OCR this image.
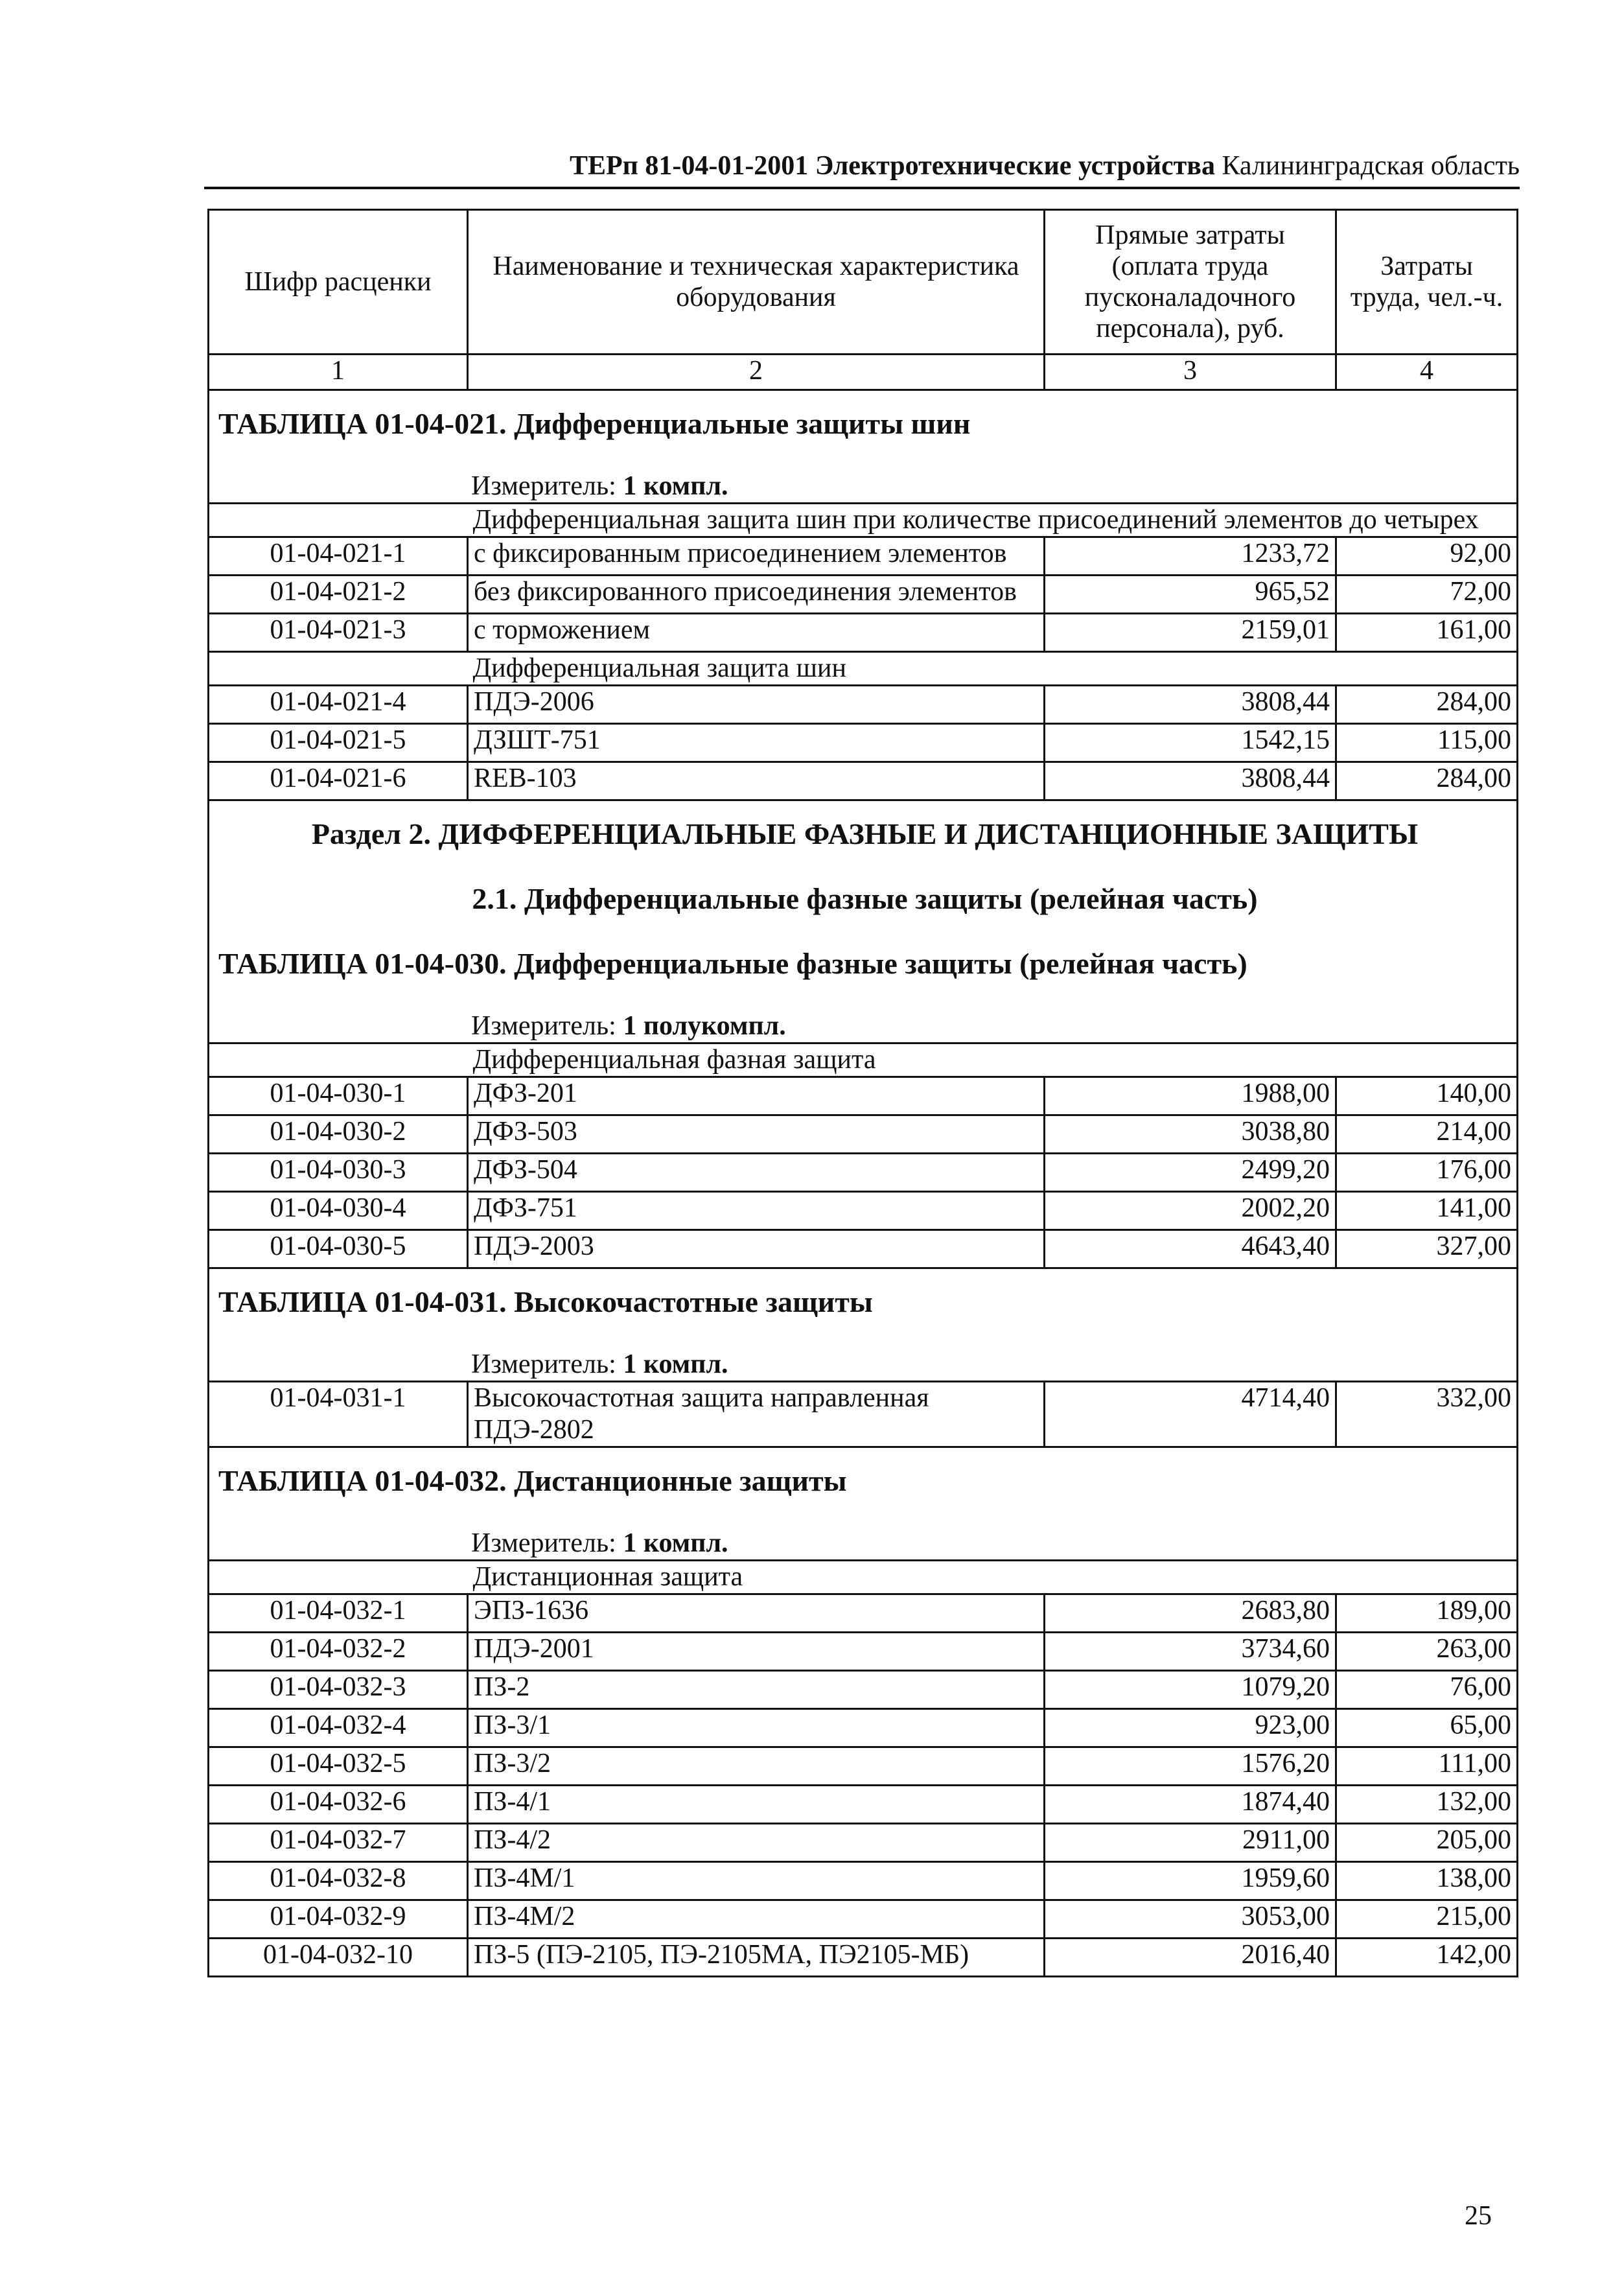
ТЕРп 81-04-01-2001 Электротехнические устройства Калининградская область
Шифр расценки	Наименование и техническая характеристика оборудования	Прямые затраты (оплата труда пусконаладочного персонала), руб.	Затраты труда, чел.-ч.
1	2	3	4
ТАБЛИЦА 01-04-021. Дифференциальные защиты шин			
Измеритель: 1 компл.			
	Дифференциальная защита шин при количестве присоединений элементов до четырех		
01-04-021-1	с фиксированным присоединением элементов	1233,72	92,00
01-04-021-2	без фиксированного присоединения элементов	965,52	72,00
01-04-021-3	с торможением	2159,01	161,00
	Дифференциальная защита шин		
01-04-021-4	ПДЭ-2006	3808,44	284,00
01-04-021-5	ДЗШТ-751	1542,15	115,00
01-04-021-6	REB-103	3808,44	284,00
Раздел 2. ДИФФЕРЕНЦИАЛЬНЫЕ ФАЗНЫЕ И ДИСТАНЦИОННЫЕ ЗАЩИТЫ			
2.1. Дифференциальные фазные защиты (релейная часть)			
ТАБЛИЦА 01-04-030. Дифференциальные фазные защиты (релейная часть)			
Измеритель: 1 полукомпл.			
	Дифференциальная фазная защита		
01-04-030-1	ДФЗ-201	1988,00	140,00
01-04-030-2	ДФЗ-503	3038,80	214,00
01-04-030-3	ДФЗ-504	2499,20	176,00
01-04-030-4	ДФЗ-751	2002,20	141,00
01-04-030-5	ПДЭ-2003	4643,40	327,00
ТАБЛИЦА 01-04-031. Высокочастотные защиты			
Измеритель: 1 компл.			
01-04-031-1	Высокочастотная защита направленная ПДЭ-2802	4714,40	332,00
ТАБЛИЦА 01-04-032. Дистанционные защиты			
Измеритель: 1 компл.			
	Дистанционная защита		
01-04-032-1	ЭПЗ-1636	2683,80	189,00
01-04-032-2	ПДЭ-2001	3734,60	263,00
01-04-032-3	ПЗ-2	1079,20	76,00
01-04-032-4	ПЗ-3/1	923,00	65,00
01-04-032-5	ПЗ-3/2	1576,20	111,00
01-04-032-6	ПЗ-4/1	1874,40	132,00
01-04-032-7	ПЗ-4/2	2911,00	205,00
01-04-032-8	ПЗ-4М/1	1959,60	138,00
01-04-032-9	ПЗ-4М/2	3053,00	215,00
01-04-032-10	ПЗ-5 (ПЭ-2105, ПЭ-2105МА, ПЭ2105-МБ)	2016,40	142,00
25
